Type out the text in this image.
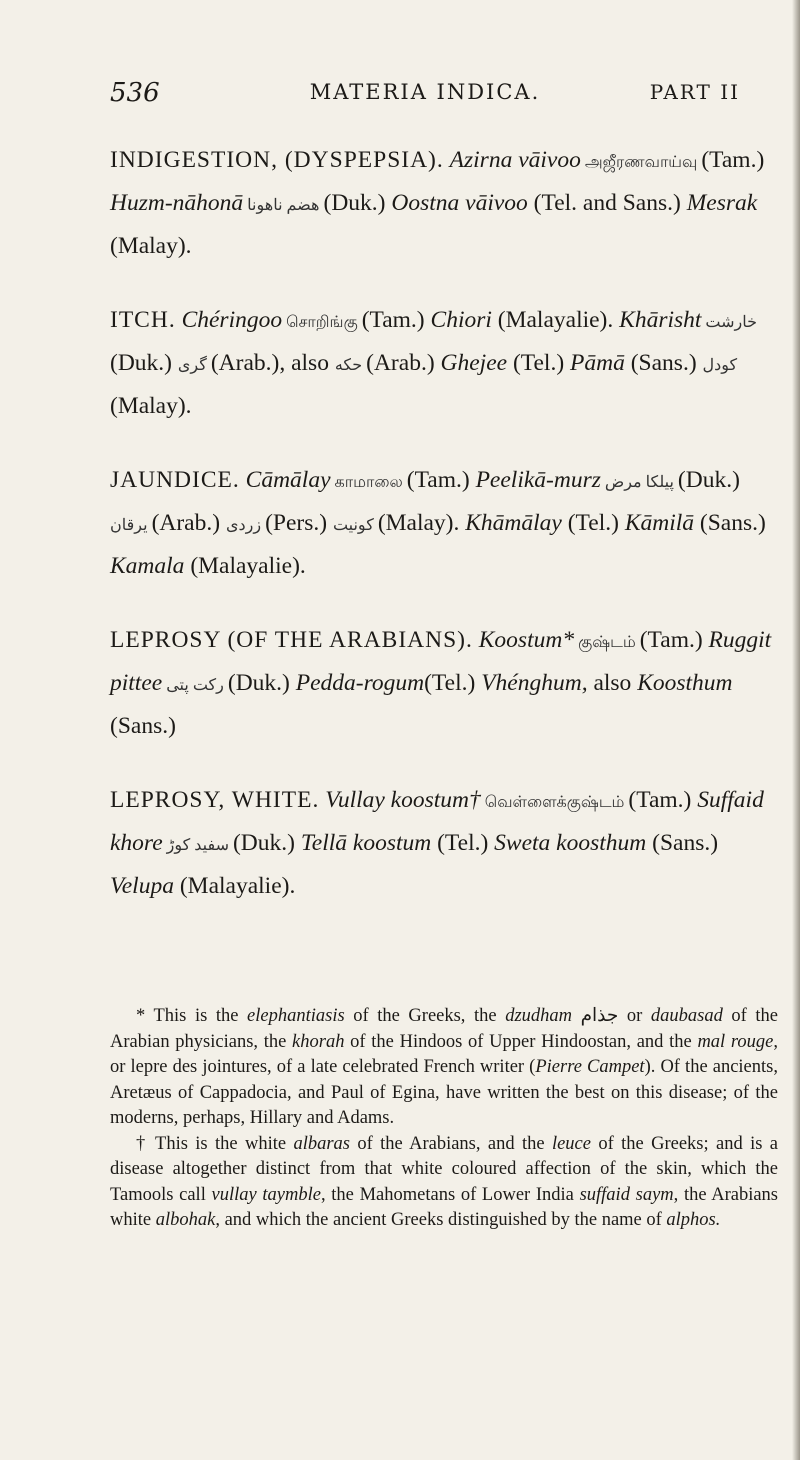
536	MATERIA INDICA.	PART II

INDIGESTION, (DYSPEPSIA). Azirna vāivoo அஜீரணவாய்வு (Tam.) Huzm-nāhonā هضم ناهونا (Duk.) Oostna vāivoo (Tel. and Sans.) Mesrak (Malay).

ITCH. Chéringoo சொறிங்கு (Tam.) Chiori (Malayalie). Khārisht خارشت (Duk.) گری (Arab.), also حکه (Arab.) Ghejee (Tel.) Pāmā (Sans.) کودل (Malay).

JAUNDICE. Cāmālay காமாலை (Tam.) Peelikā-murz پیلکا مرض (Duk.) یرقان (Arab.) زردی (Pers.) کونیت (Malay). Khāmālay (Tel.) Kāmilā (Sans.) Kamala (Malayalie).

LEPROSY (OF THE ARABIANS). Koostum* குஷ்டம் (Tam.) Ruggit pittee رکت پتی (Duk.) Pedda-rogum(Tel.) Vhénghum, also Koosthum (Sans.)

LEPROSY, WHITE. Vullay koostum† வெள்ளைக்குஷ்டம் (Tam.) Suffaid khore سفید کوڑ (Duk.) Tellā koostum (Tel.) Sweta koosthum (Sans.) Velupa (Malayalie).

* This is the elephantiasis of the Greeks, the dzudham جذام or daubasad of the Arabian physicians, the khorah of the Hindoos of Upper Hindoostan, and the mal rouge, or lepre des jointures, of a late celebrated French writer (Pierre Campet). Of the ancients, Aretæus of Cappadocia, and Paul of Egina, have written the best on this disease; of the moderns, perhaps, Hillary and Adams.

† This is the white albaras of the Arabians, and the leuce of the Greeks; and is a disease altogether distinct from that white coloured affection of the skin, which the Tamools call vullay taymble, the Mahometans of Lower India suffaid saym, the Arabians white albohak, and which the ancient Greeks distinguished by the name of alphos.
